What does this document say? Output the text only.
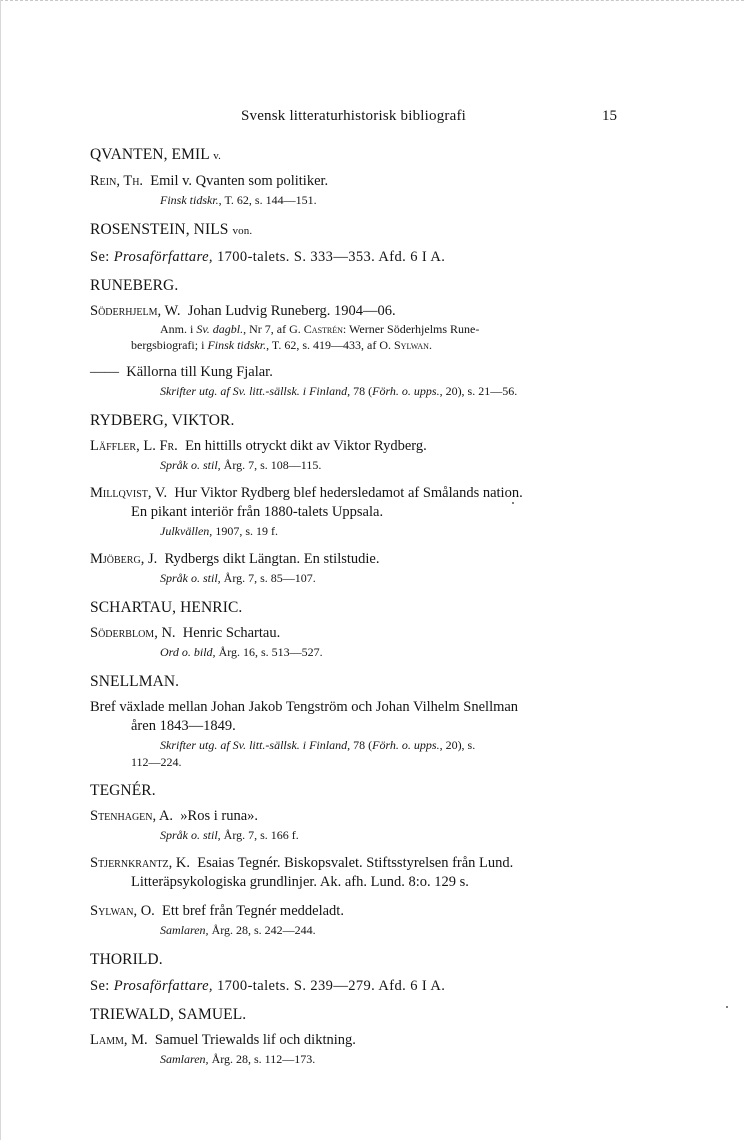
Svensk litteraturhistorisk bibliografi	15
QVANTEN, EMIL v.
Rein, Th. Emil v. Qvanten som politiker.
Finsk tidskr., T. 62, s. 144—151.
ROSENSTEIN, NILS von.
Se: Prosaförfattare, 1700-talets. S. 333—353. Afd. 6 I A.
RUNEBERG.
Söderhjelm, W. Johan Ludvig Runeberg. 1904—06.
Anm. i Sv. dagbl., Nr 7, af G. Castrén: Werner Söderhjelms Rune-
bergsbiografi; i Finsk tidskr., T. 62, s. 419—433, af O. Sylwan.
—— Källorna till Kung Fjalar.
Skrifter utg. af Sv. litt.-sällsk. i Finland, 78 (Förh. o. upps., 20), s. 21—56.
RYDBERG, VIKTOR.
Läffler, L. Fr. En hittills otryckt dikt av Viktor Rydberg.
Språk o. stil, Årg. 7, s. 108—115.
Millqvist, V. Hur Viktor Rydberg blef hedersledamot af Smålands nation.
En pikant interiör från 1880-talets Uppsala.
Julkvällen, 1907, s. 19 f.
Mjöberg, J. Rydbergs dikt Längtan. En stilstudie.
Språk o. stil, Årg. 7, s. 85—107.
SCHARTAU, HENRIC.
Söderblom, N. Henric Schartau.
Ord o. bild, Årg. 16, s. 513—527.
SNELLMAN.
Bref växlade mellan Johan Jakob Tengström och Johan Vilhelm Snellman
åren 1843—1849.
Skrifter utg. af Sv. litt.-sällsk. i Finland, 78 (Förh. o. upps., 20), s.
112—224.
TEGNÉR.
Stenhagen, A. »Ros i runa».
Språk o. stil, Årg. 7, s. 166 f.
Stjernkrantz, K. Esaias Tegnér. Biskopsvalet. Stiftsstyrelsen från Lund.
Litteräpsykologiska grundlinjer. Ak. afh. Lund. 8:o. 129 s.
Sylwan, O. Ett bref från Tegnér meddeladt.
Samlaren, Årg. 28, s. 242—244.
THORILD.
Se: Prosaförfattare, 1700-talets. S. 239—279. Afd. 6 I A.
TRIEWALD, SAMUEL.
Lamm, M. Samuel Triewalds lif och diktning.
Samlaren, Årg. 28, s. 112—173.
